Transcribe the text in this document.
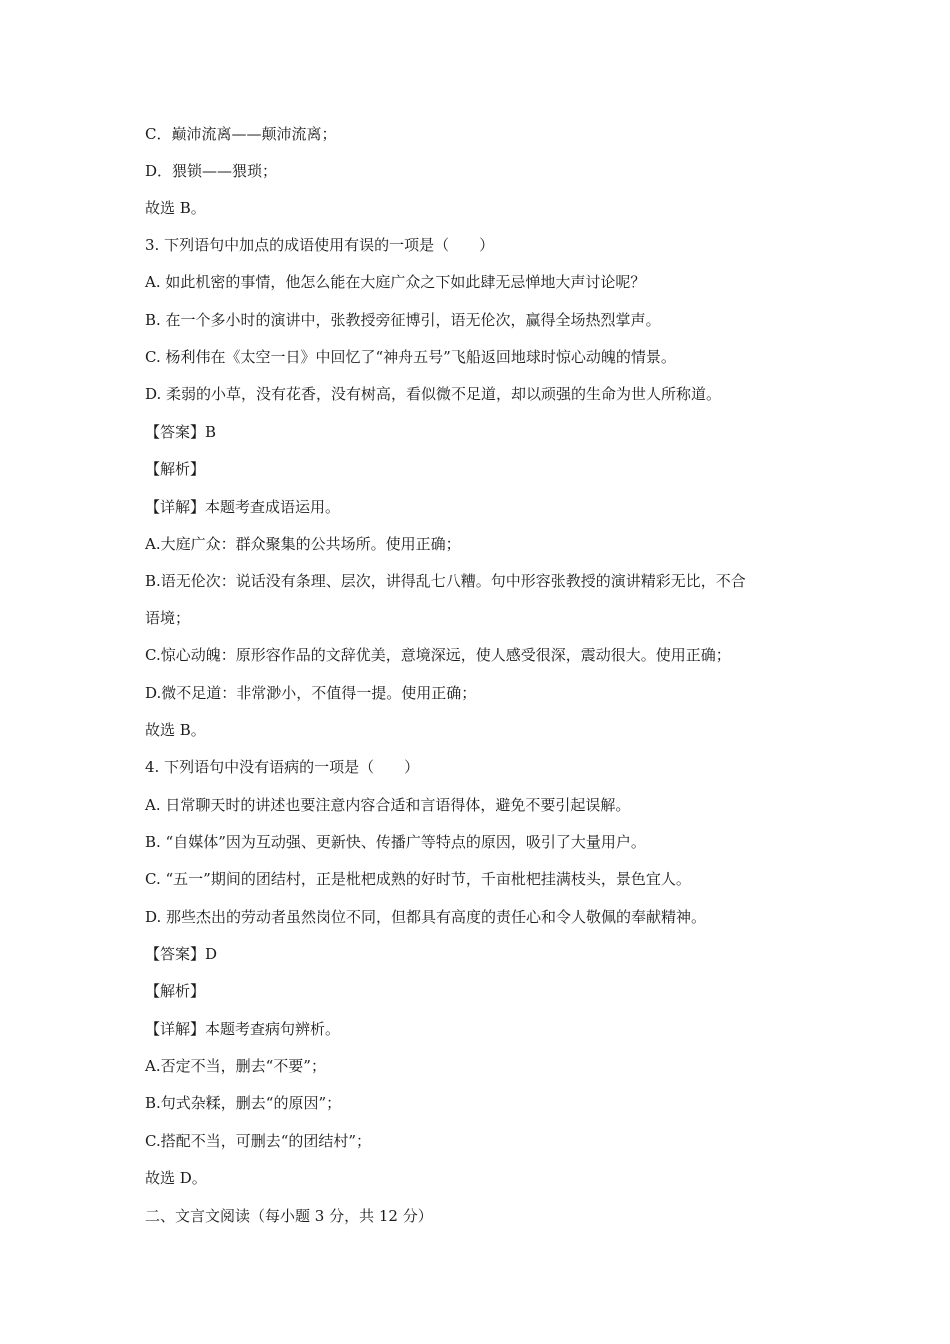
C．巅沛流离——颠沛流离；
D．猥锁——猥琐；
故选 B。
3. 下列语句中加点的成语使用有误的一项是（　　）
A. 如此机密的事情，他怎么能在大庭广众之下如此肆无忌惮地大声讨论呢？
B. 在一个多小时的演讲中，张教授旁征博引，语无伦次，赢得全场热烈掌声。
C. 杨利伟在《太空一日》中回忆了“神舟五号”飞船返回地球时惊心动魄的情景。
D. 柔弱的小草，没有花香，没有树高，看似微不足道，却以顽强的生命为世人所称道。
【答案】B
【解析】
【详解】本题考查成语运用。
A.大庭广众：群众聚集的公共场所。使用正确；
B.语无伦次：说话没有条理、层次，讲得乱七八糟。句中形容张教授的演讲精彩无比，不合
语境；
C.惊心动魄：原形容作品的文辞优美，意境深远，使人感受很深，震动很大。使用正确；
D.微不足道：非常渺小，不值得一提。使用正确；
故选 B。
4. 下列语句中没有语病的一项是（　　）
A. 日常聊天时的讲述也要注意内容合适和言语得体，避免不要引起误解。
B. “自媒体”因为互动强、更新快、传播广等特点的原因，吸引了大量用户。
C. “五一”期间的团结村，正是枇杷成熟的好时节，千亩枇杷挂满枝头，景色宜人。
D. 那些杰出的劳动者虽然岗位不同，但都具有高度的责任心和令人敬佩的奉献精神。
【答案】D
【解析】
【详解】本题考查病句辨析。
A.否定不当，删去“不要”；
B.句式杂糅，删去“的原因”；
C.搭配不当，可删去“的团结村”；
故选 D。
二、文言文阅读（每小题 3 分，共 12 分）
